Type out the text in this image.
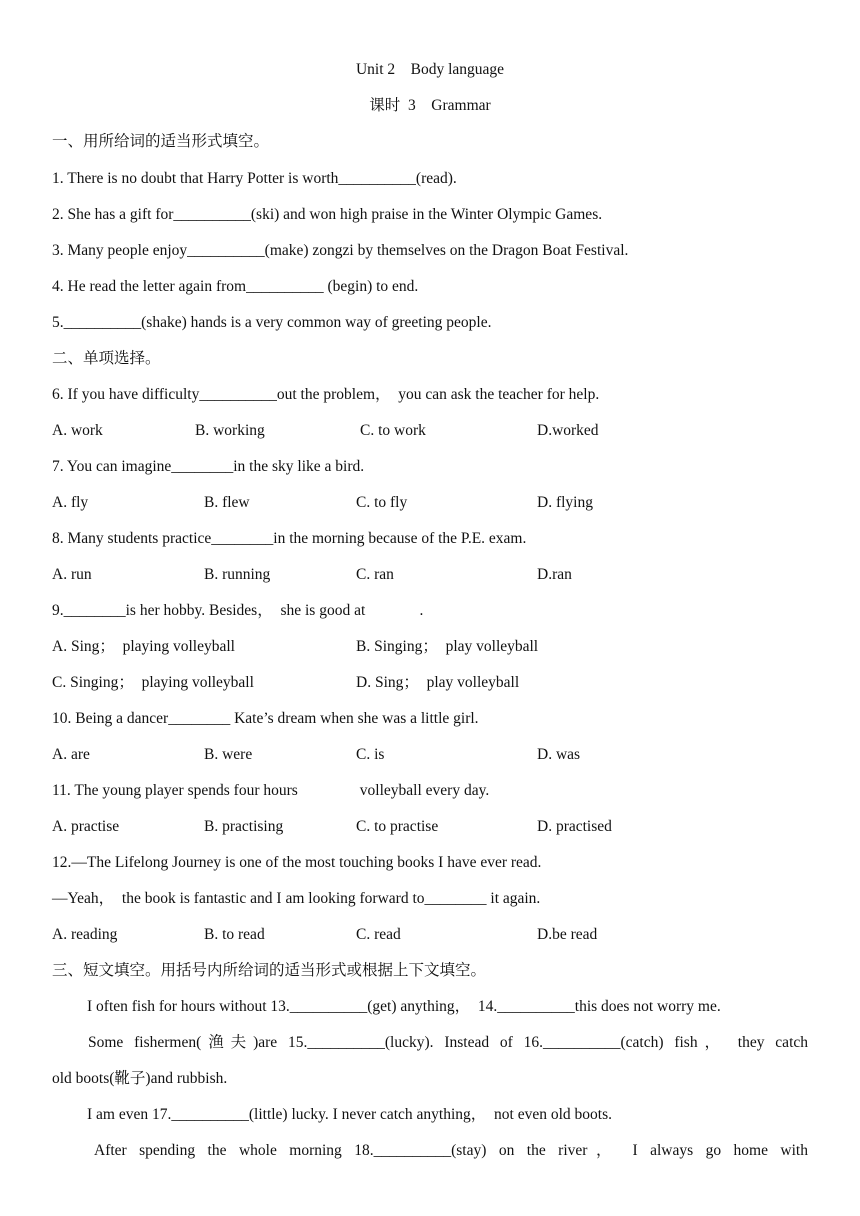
Unit 2　Body language
课时  3　Grammar
一、用所给词的适当形式填空。
1. There is no doubt that Harry Potter is worth__________(read).
2. She has a gift for__________(ski) and won high praise in the Winter Olympic Games.
3. Many people enjoy__________(make) zongzi by themselves on the Dragon Boat Festival.
4. He read the letter again from__________ (begin) to end.
5.__________(shake) hands is a very common way of greeting people.
二、单项选择。
6. If you have difficulty__________out the problem，  you can ask the teacher for help.
A. work	B. working	C. to work	D.worked
7. You can imagine________in the sky like a bird.
A. fly	B. flew	C. to fly	D. flying
8. Many students practice________in the morning because of the P.E. exam.
A. run	B. running	C. ran	D.ran
9.________is her hobby. Besides，  she is good at              .
A. Sing；  playing volleyball	B. Singing；  play volleyball
C. Singing；  playing volleyball	D. Sing；  play volleyball
10. Being a dancer________ Kate’s dream when she was a little girl.
A. are	B. were	C. is	D. was
11. The young player spends four hours                volleyball every day.
A. practise	B. practising	C. to practise	D. practised
12.—The Lifelong Journey is one of the most touching books I have ever read.
—Yeah，  the book is fantastic and I am looking forward to________ it again.
A. reading	B. to read	C. read	D.be read
三、短文填空。用括号内所给词的适当形式或根据上下文填空。
I often fish for hours without 13.__________(get) anything，  14.__________this does not worry me.
Some fishermen(渔夫)are 15.__________(lucky). Instead of 16.__________(catch) fish， they catch
old boots(靴子)and rubbish.
I am even 17.__________(little) lucky. I never catch anything，  not even old boots.
After spending the whole morning 18.__________(stay) on the river， I always go home with
